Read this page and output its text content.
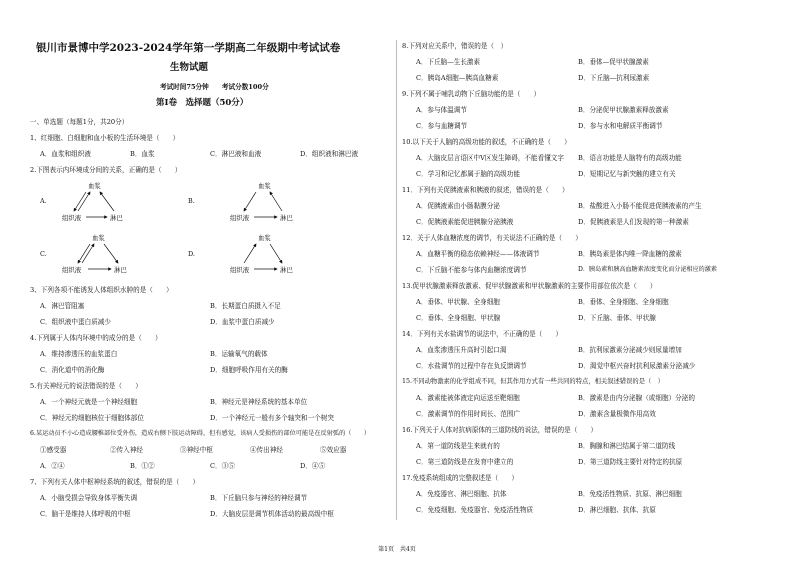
银川市景博中学2023-2024学年第一学期高二年级期中考试试卷
生物试题
考试时间75分钟　　考试分数100分
第Ⅰ卷　选择题（50分）
一、单选题（每题1分，共20分）
1、红细胞、白细胞和血小板的生活环境是（　　）
A．血浆和组织液	B．血浆	C．淋巴液和血液	D．组织液和淋巴液
2.下图表示内环境成分间的关系，正确的是（　　）
A.
血浆
组织液	淋巴
B.
血浆
组织液	淋巴
C.
血浆
组织液	淋巴
D.
血浆
组织液	淋巴
3、下列各项不能诱发人体组织水肿的是（　　）
A．淋巴管阻塞	B．长期蛋白质摄入不足
C．组织液中蛋白质减少	D．血浆中蛋白质减少
4.下列属于人体内环境中的成分的是（　　）
A．维持渗透压的血浆蛋白	B．运输氧气的载体
C．消化道中的消化酶	D．细胞呼吸作用有关的酶
5.有关神经元的说法错误的是（　　）
A．一个神经元就是一个神经细胞	B．神经元是神经系统的基本单位
C．神经元的细胞核位于细胞体部位	D．一个神经元一般有多个轴突和一个树突
6.某运动员不小心造成腰椎部位受外伤，造成右侧下肢运动障碍，但有感觉，该病人受损伤的部位可能是在反射弧的（　　）
①感受器	②传入神经	③神经中枢	④传出神经	⑤效应器
A．②④	B．①②	C．③⑤	D．④⑤
7、下列有关人体中枢神经系统的叙述，错误的是（　　）
A．小脑受损会导致身体平衡失调	B．下丘脑只参与神经的神经调节
C．脑干是维持人体呼吸的中枢	D．大脑皮层是调节机体活动的最高级中枢
8.下列对应关系中，错误的是（　）
A．下丘脑—生长激素	B．垂体—促甲状腺激素
C．胰岛A细胞—胰高血糖素	D．下丘脑—抗利尿激素
9.下列不属于哺乳动物下丘脑功能的是（　　）
A．参与体温调节	B．分泌促甲状腺激素释放激素
C．参与血糖调节	D．参与水和电解质平衡调节
10.以下关于人脑的高级功能的叙述，不正确的是（　　）
A．大脑皮层言语区中V区发生障碍，不能看懂文字 B．语言功能是人脑特有的高级功能
C．学习和记忆都属于脑的高级功能	D．短期记忆与新突触的建立有关
11．下列有关促胰液素和胰液的叙述，错误的是（　　）
A．促胰液素由小肠黏膜分泌	B．盐酸进入小肠不能促进促胰液素的产生
C．促胰液素能促进胰腺分泌胰液	D．促胰液素是人们发现的第一种激素
12．关于人体血糖浓度的调节，有关说法不正确的是（　　）
A．血糖平衡的稳态依赖神经——体液调节	B．胰岛素是体内唯一降血糖的激素
C．下丘脑不能参与体内血糖浓度调节	D．胰岛素和胰高血糖素浓度变化而分泌相应的激素
13.促甲状腺激素释放激素、促甲状腺激素和甲状腺激素的主要作用部位依次是（　　）
A．垂体、甲状腺、全身细胞	B．垂体、全身细胞、全身细胞
C．垂体、全身细胞、甲状腺	D．下丘脑、垂体、甲状腺
14．下列有关水盐调节的说法中，不正确的是（　　）
A．血浆渗透压升高时引起口渴	B．抗利尿激素分泌减少则尿量增加
C．水盐调节的过程中存在负反馈调节	D．渴觉中枢兴奋时抗利尿激素分泌减少
15.不同动物激素的化学组成不同，但其作用方式有一些共同的特点，相关叙述错误的是（　）
A．激素能被体液定向运送至靶细胞	B．激素是由内分泌腺（或细胞）分泌的
C．激素调节的作用时间长、范围广	D．激素含量极微作用高效
16.下列关于人体对抗病原体的三道防线的说法，错误的是（　　）
A．第一道防线是生来就有的	B．胸腺和淋巴结属于第二道防线
C．第三道防线是在发育中建立的	D．第三道防线主要针对特定的抗原
17.免疫系统组成的完整叙述是（　　）
A．免疫器官、淋巴细胞、抗体	B．免疫活性物质、抗原、淋巴细胞
C．免疫细胞、免疫器官、免疫活性物质	D．淋巴细胞、抗体、抗原
第1页　共4页
